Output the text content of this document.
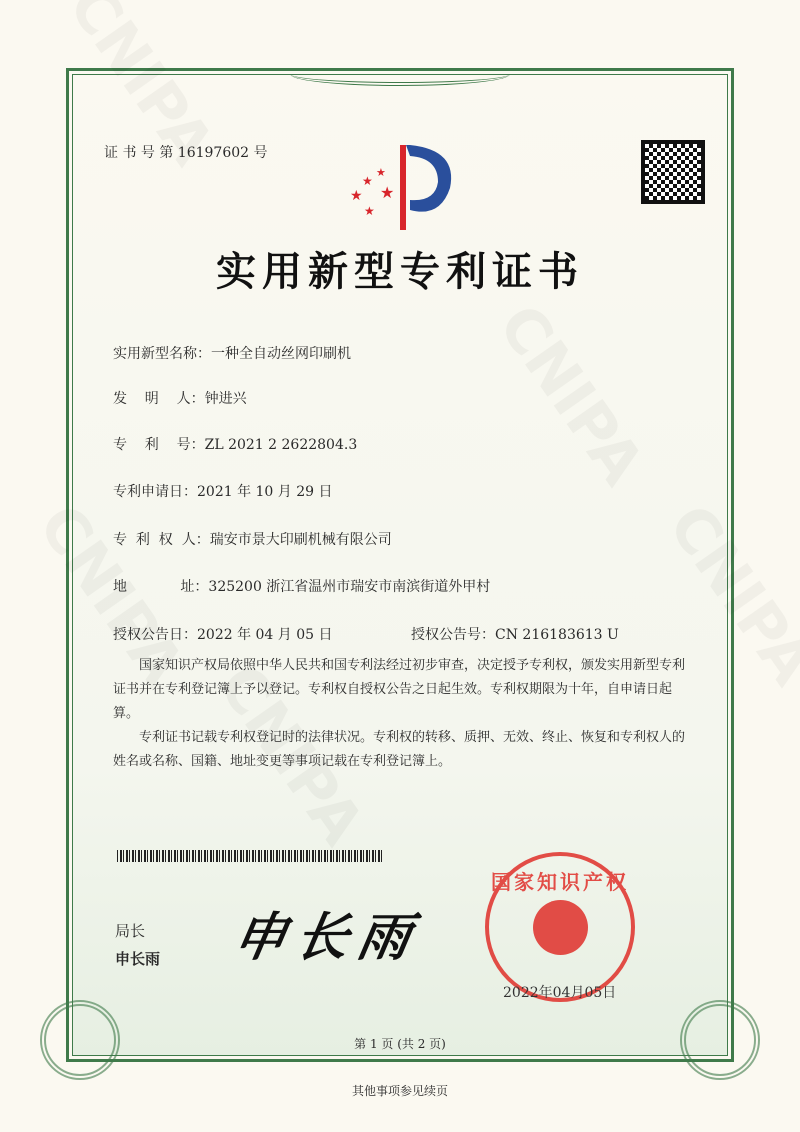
证 书 号 第 16197602 号
★
★
★
★
★
实用新型专利证书
实用新型名称：一种全自动丝网印刷机
发    明    人：钟进兴
专    利    号：ZL 2021 2 2622804.3
专利申请日：2021 年 10 月 29 日
专  利  权  人：瑞安市景大印刷机械有限公司
地            址：325200 浙江省温州市瑞安市南滨街道外甲村
授权公告日：2022 年 04 月 05 日	授权公告号：CN 216183613 U
国家知识产权局依照中华人民共和国专利法经过初步审查，决定授予专利权，颁发实用新型专利证书并在专利登记簿上予以登记。专利权自授权公告之日起生效。专利权期限为十年，自申请日起算。
专利证书记载专利权登记时的法律状况。专利权的转移、质押、无效、终止、恢复和专利权人的姓名或名称、国籍、地址变更等事项记载在专利登记簿上。
局长
申长雨 申长雨
国家知识产权局
2022年04月05日
第 1 页 (共 2 页)
其他事项参见续页
